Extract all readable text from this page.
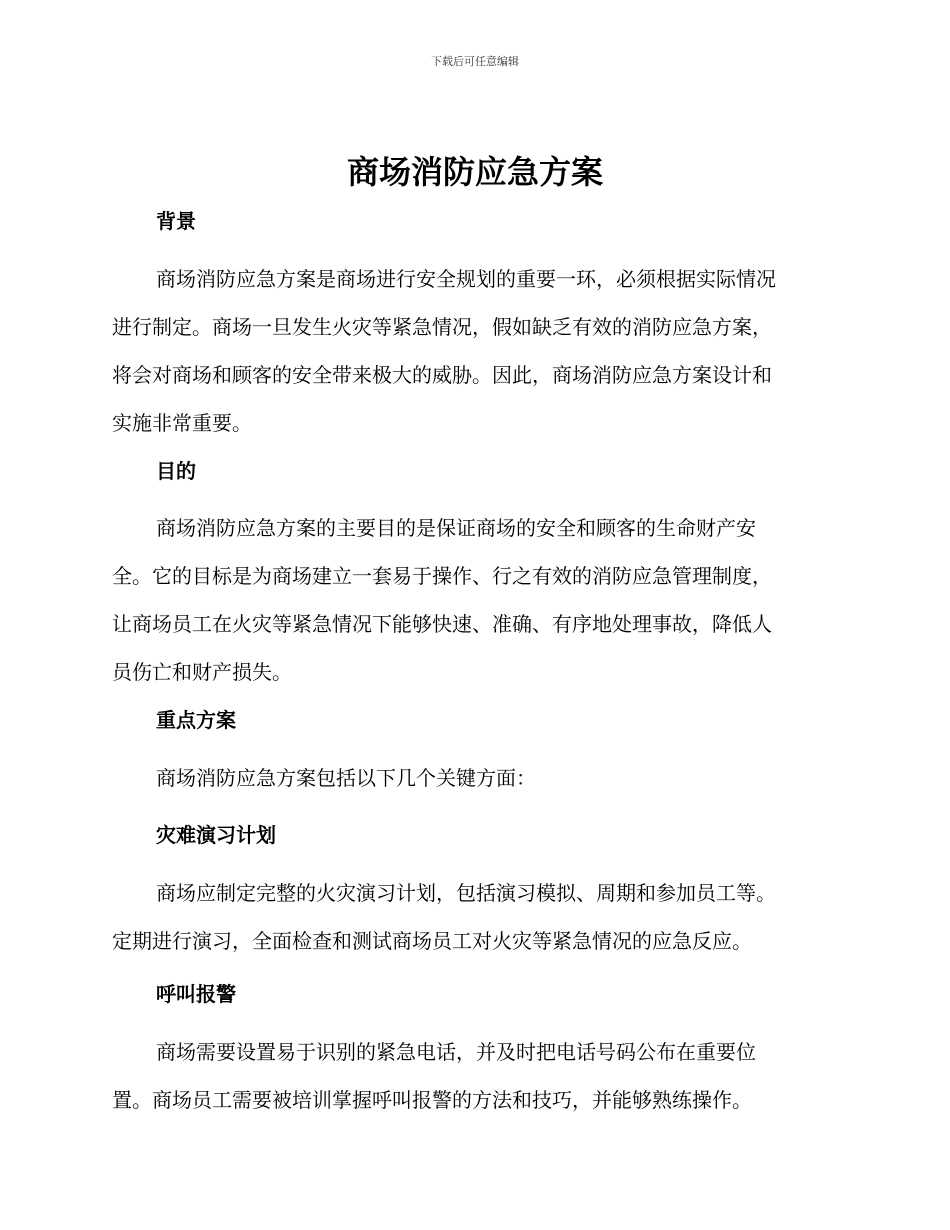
下载后可任意编辑
商场消防应急方案
背景
商场消防应急方案是商场进行安全规划的重要一环，必须根据实际情况
进行制定。商场一旦发生火灾等紧急情况，假如缺乏有效的消防应急方案，
将会对商场和顾客的安全带来极大的威胁。因此，商场消防应急方案设计和
实施非常重要。
目的
商场消防应急方案的主要目的是保证商场的安全和顾客的生命财产安
全。它的目标是为商场建立一套易于操作、行之有效的消防应急管理制度，
让商场员工在火灾等紧急情况下能够快速、准确、有序地处理事故，降低人
员伤亡和财产损失。
重点方案
商场消防应急方案包括以下几个关键方面：
灾难演习计划
商场应制定完整的火灾演习计划，包括演习模拟、周期和参加员工等。
定期进行演习，全面检查和测试商场员工对火灾等紧急情况的应急反应。
呼叫报警
商场需要设置易于识别的紧急电话，并及时把电话号码公布在重要位
置。商场员工需要被培训掌握呼叫报警的方法和技巧，并能够熟练操作。
